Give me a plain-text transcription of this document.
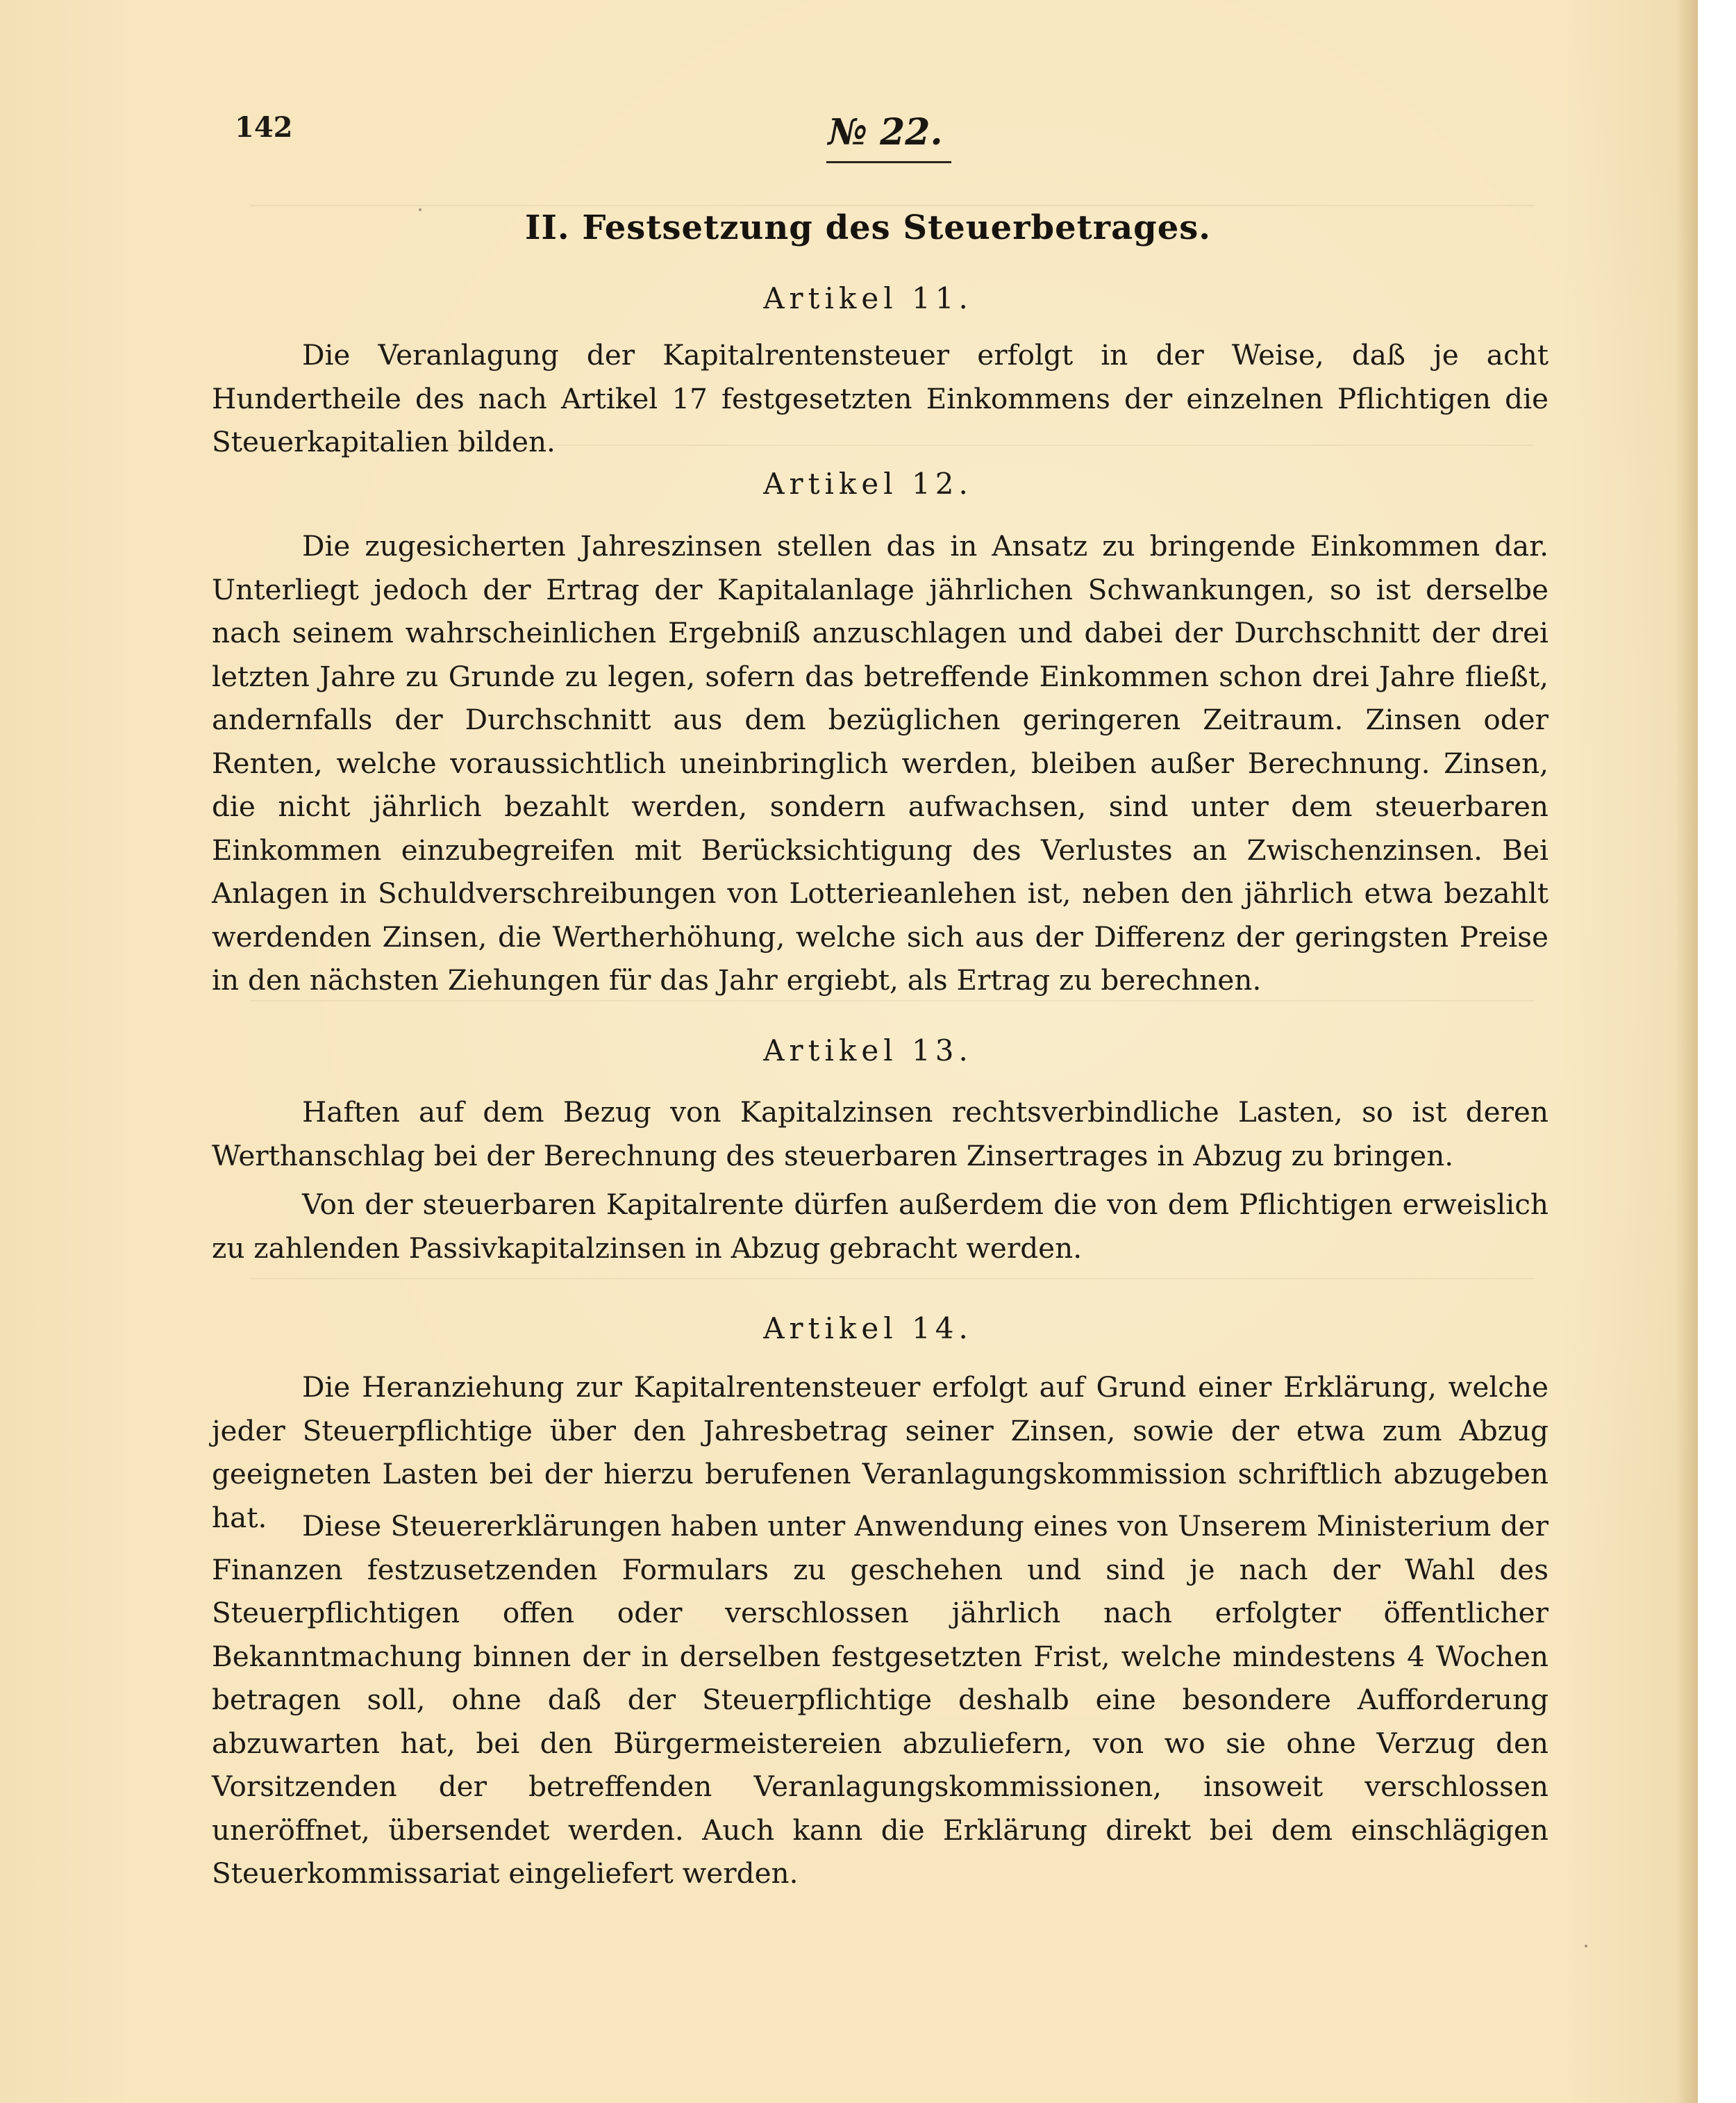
142	№ 22.
II. Festsetzung des Steuerbetrages.
Artikel 11.

Die Veranlagung der Kapitalrentensteuer erfolgt in der Weise, daß je acht Hundertheile des nach Artikel 17 festgesetzten Einkommens der einzelnen Pflichtigen die Steuerkapitalien bilden.

Artikel 12.

Die zugesicherten Jahreszinsen stellen das in Ansatz zu bringende Einkommen dar. Unterliegt jedoch der Ertrag der Kapitalanlage jährlichen Schwankungen, so ist derselbe nach seinem wahrscheinlichen Ergebniß anzuschlagen und dabei der Durchschnitt der drei letzten Jahre zu Grunde zu legen, sofern das betreffende Einkommen schon drei Jahre fließt, andernfalls der Durchschnitt aus dem bezüglichen geringeren Zeitraum. Zinsen oder Renten, welche voraussichtlich uneinbringlich werden, bleiben außer Berechnung. Zinsen, die nicht jährlich bezahlt werden, sondern aufwachsen, sind unter dem steuerbaren Einkommen einzubegreifen mit Berücksichtigung des Verlustes an Zwischenzinsen. Bei Anlagen in Schuldverschreibungen von Lotterieanlehen ist, neben den jährlich etwa bezahlt werdenden Zinsen, die Wertherhöhung, welche sich aus der Differenz der geringsten Preise in den nächsten Ziehungen für das Jahr ergiebt, als Ertrag zu berechnen.

Artikel 13.

Haften auf dem Bezug von Kapitalzinsen rechtsverbindliche Lasten, so ist deren Werthanschlag bei der Berechnung des steuerbaren Zinsertrages in Abzug zu bringen.

Von der steuerbaren Kapitalrente dürfen außerdem die von dem Pflichtigen erweislich zu zahlenden Passivkapitalzinsen in Abzug gebracht werden.

Artikel 14.

Die Heranziehung zur Kapitalrentensteuer erfolgt auf Grund einer Erklärung, welche jeder Steuerpflichtige über den Jahresbetrag seiner Zinsen, sowie der etwa zum Abzug geeigneten Lasten bei der hierzu berufenen Veranlagungskommission schriftlich abzugeben hat.	Diese Steuererklärungen haben unter Anwendung eines von Unserem Ministerium der Finanzen festzusetzenden Formulars zu geschehen und sind je nach der Wahl des Steuerpflichtigen offen oder verschlossen jährlich nach erfolgter öffentlicher Bekanntmachung binnen der in derselben festgesetzten Frist, welche mindestens 4 Wochen betragen soll, ohne daß der Steuerpflichtige deshalb eine besondere Aufforderung abzuwarten hat, bei den Bürgermeistereien abzuliefern, von wo sie ohne Verzug den Vorsitzenden der betreffenden Veranlagungskommissionen, insoweit verschlossen uneröffnet, übersendet werden. Auch kann die Erklärung direkt bei dem einschlägigen Steuerkommissariat eingeliefert werden.
